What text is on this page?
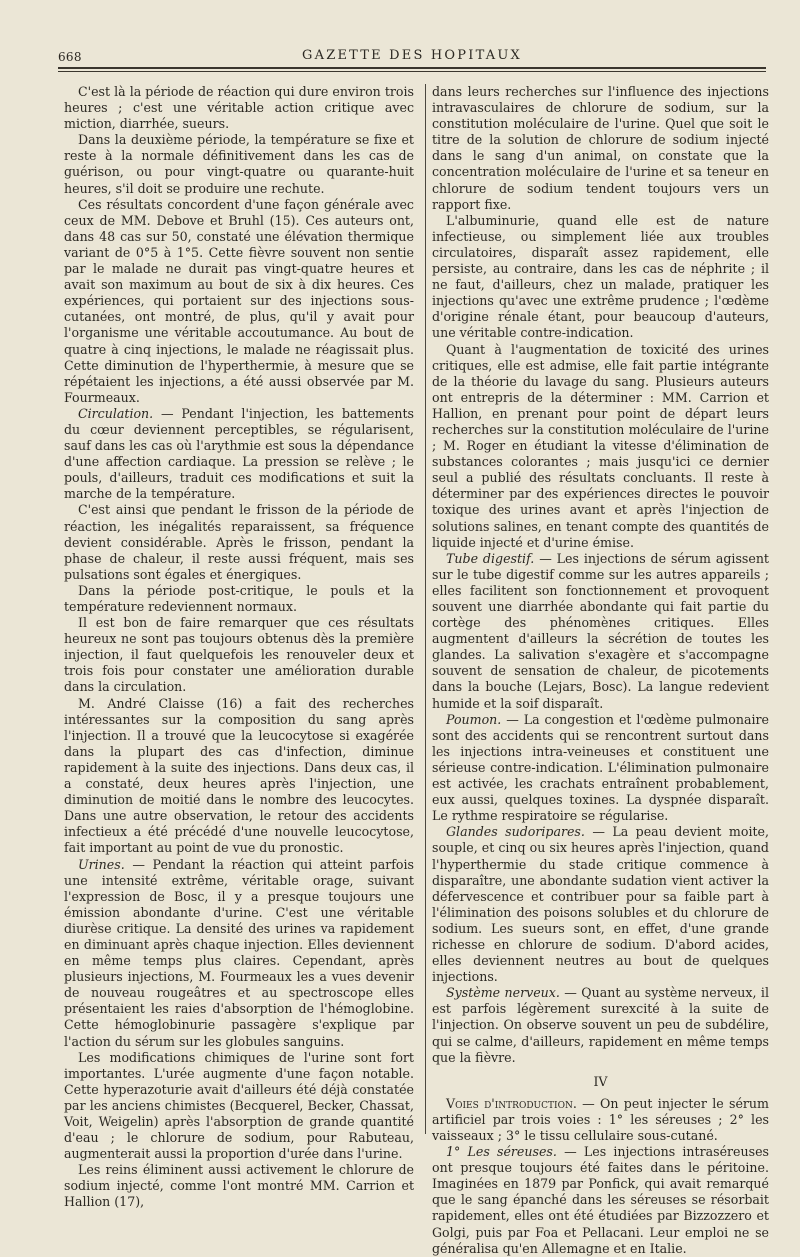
668	GAZETTE DES HOPITAUX

C'est là la période de réaction qui dure environ trois heures ; c'est une véritable action critique avec miction, diarrhée, sueurs.

Dans la deuxième période, la température se fixe et reste à la normale définitivement dans les cas de guérison, ou pour vingt-quatre ou quarante-huit heures, s'il doit se produire une rechute.

Ces résultats concordent d'une façon générale avec ceux de MM. Debove et Bruhl (15). Ces auteurs ont, dans 48 cas sur 50, constaté une élévation thermique variant de 0°5 à 1°5. Cette fièvre souvent non sentie par le malade ne durait pas vingt-quatre heures et avait son maximum au bout de six à dix heures. Ces expériences, qui portaient sur des injections sous-cutanées, ont montré, de plus, qu'il y avait pour l'organisme une véritable accoutumance. Au bout de quatre à cinq injections, le malade ne réagissait plus. Cette diminution de l'hyperthermie, à mesure que se répétaient les injections, a été aussi observée par M. Fourmeaux.

Circulation. — Pendant l'injection, les battements du cœur deviennent perceptibles, se régularisent, sauf dans les cas où l'arythmie est sous la dépendance d'une affection cardiaque. La pression se relève ; le pouls, d'ailleurs, traduit ces modifications et suit la marche de la température.

C'est ainsi que pendant le frisson de la période de réaction, les inégalités reparaissent, sa fréquence devient considérable. Après le frisson, pendant la phase de chaleur, il reste aussi fréquent, mais ses pulsations sont égales et énergiques.

Dans la période post-critique, le pouls et la température redeviennent normaux.

Il est bon de faire remarquer que ces résultats heureux ne sont pas toujours obtenus dès la première injection, il faut quelquefois les renouveler deux et trois fois pour constater une amélioration durable dans la circulation.

M. André Claisse (16) a fait des recherches intéressantes sur la composition du sang après l'injection. Il a trouvé que la leucocytose si exagérée dans la plupart des cas d'infection, diminue rapidement à la suite des injections. Dans deux cas, il a constaté, deux heures après l'injection, une diminution de moitié dans le nombre des leucocytes. Dans une autre observation, le retour des accidents infectieux a été précédé d'une nouvelle leucocytose, fait important au point de vue du pronostic.

Urines. — Pendant la réaction qui atteint parfois une intensité extrême, véritable orage, suivant l'expression de Bosc, il y a presque toujours une émission abondante d'urine. C'est une véritable diurèse critique. La densité des urines va rapidement en diminuant après chaque injection. Elles deviennent en même temps plus claires. Cependant, après plusieurs injections, M. Fourmeaux les a vues devenir de nouveau rougeâtres et au spectroscope elles présentaient les raies d'absorption de l'hémoglobine. Cette hémoglobinurie passagère s'explique par l'action du sérum sur les globules sanguins.

Les modifications chimiques de l'urine sont fort importantes. L'urée augmente d'une façon notable. Cette hyperazoturie avait d'ailleurs été déjà constatée par les anciens chimistes (Becquerel, Becker, Chassat, Voit, Weigelin) après l'absorption de grande quantité d'eau ; le chlorure de sodium, pour Rabuteau, augmenterait aussi la proportion d'urée dans l'urine.

Les reins éliminent aussi activement le chlorure de sodium injecté, comme l'ont montré MM. Carrion et Hallion (17),

dans leurs recherches sur l'influence des injections intravasculaires de chlorure de sodium, sur la constitution moléculaire de l'urine. Quel que soit le titre de la solution de chlorure de sodium injecté dans le sang d'un animal, on constate que la concentration moléculaire de l'urine et sa teneur en chlorure de sodium tendent toujours vers un rapport fixe.

L'albuminurie, quand elle est de nature infectieuse, ou simplement liée aux troubles circulatoires, disparaît assez rapidement, elle persiste, au contraire, dans les cas de néphrite ; il ne faut, d'ailleurs, chez un malade, pratiquer les injections qu'avec une extrême prudence ; l'œdème d'origine rénale étant, pour beaucoup d'auteurs, une véritable contre-indication.

Quant à l'augmentation de toxicité des urines critiques, elle est admise, elle fait partie intégrante de la théorie du lavage du sang. Plusieurs auteurs ont entrepris de la déterminer : MM. Carrion et Hallion, en prenant pour point de départ leurs recherches sur la constitution moléculaire de l'urine ; M. Roger en étudiant la vitesse d'élimination de substances colorantes ; mais jusqu'ici ce dernier seul a publié des résultats concluants. Il reste à déterminer par des expériences directes le pouvoir toxique des urines avant et après l'injection de solutions salines, en tenant compte des quantités de liquide injecté et d'urine émise.

Tube digestif. — Les injections de sérum agissent sur le tube digestif comme sur les autres appareils ; elles facilitent son fonctionnement et provoquent souvent une diarrhée abondante qui fait partie du cortège des phénomènes critiques. Elles augmentent d'ailleurs la sécrétion de toutes les glandes. La salivation s'exagère et s'accompagne souvent de sensation de chaleur, de picotements dans la bouche (Lejars, Bosc). La langue redevient humide et la soif disparaît.

Poumon. — La congestion et l'œdème pulmonaire sont des accidents qui se rencontrent surtout dans les injections intra-veineuses et constituent une sérieuse contre-indication. L'élimination pulmonaire est activée, les crachats entraînent probablement, eux aussi, quelques toxines. La dyspnée disparaît. Le rythme respiratoire se régularise.

Glandes sudoripares. — La peau devient moite, souple, et cinq ou six heures après l'injection, quand l'hyperthermie du stade critique commence à disparaître, une abondante sudation vient activer la défervescence et contribuer pour sa faible part à l'élimination des poisons solubles et du chlorure de sodium. Les sueurs sont, en effet, d'une grande richesse en chlorure de sodium. D'abord acides, elles deviennent neutres au bout de quelques injections.

Système nerveux. — Quant au système nerveux, il est parfois légèrement surexcité à la suite de l'injection. On observe souvent un peu de subdélire, qui se calme, d'ailleurs, rapidement en même temps que la fièvre.

IV

Voies d'introduction. — On peut injecter le sérum artificiel par trois voies : 1° les séreuses ; 2° les vaisseaux ; 3° le tissu cellulaire sous-cutané.

1° Les séreuses. — Les injections intraséreuses ont presque toujours été faites dans le péritoine. Imaginées en 1879 par Ponfick, qui avait remarqué que le sang épanché dans les séreuses se résorbait rapidement, elles ont été étudiées par Bizzozzero et Golgi, puis par Foa et Pellacani. Leur emploi ne se généralisa qu'en Allemagne et en Italie.
